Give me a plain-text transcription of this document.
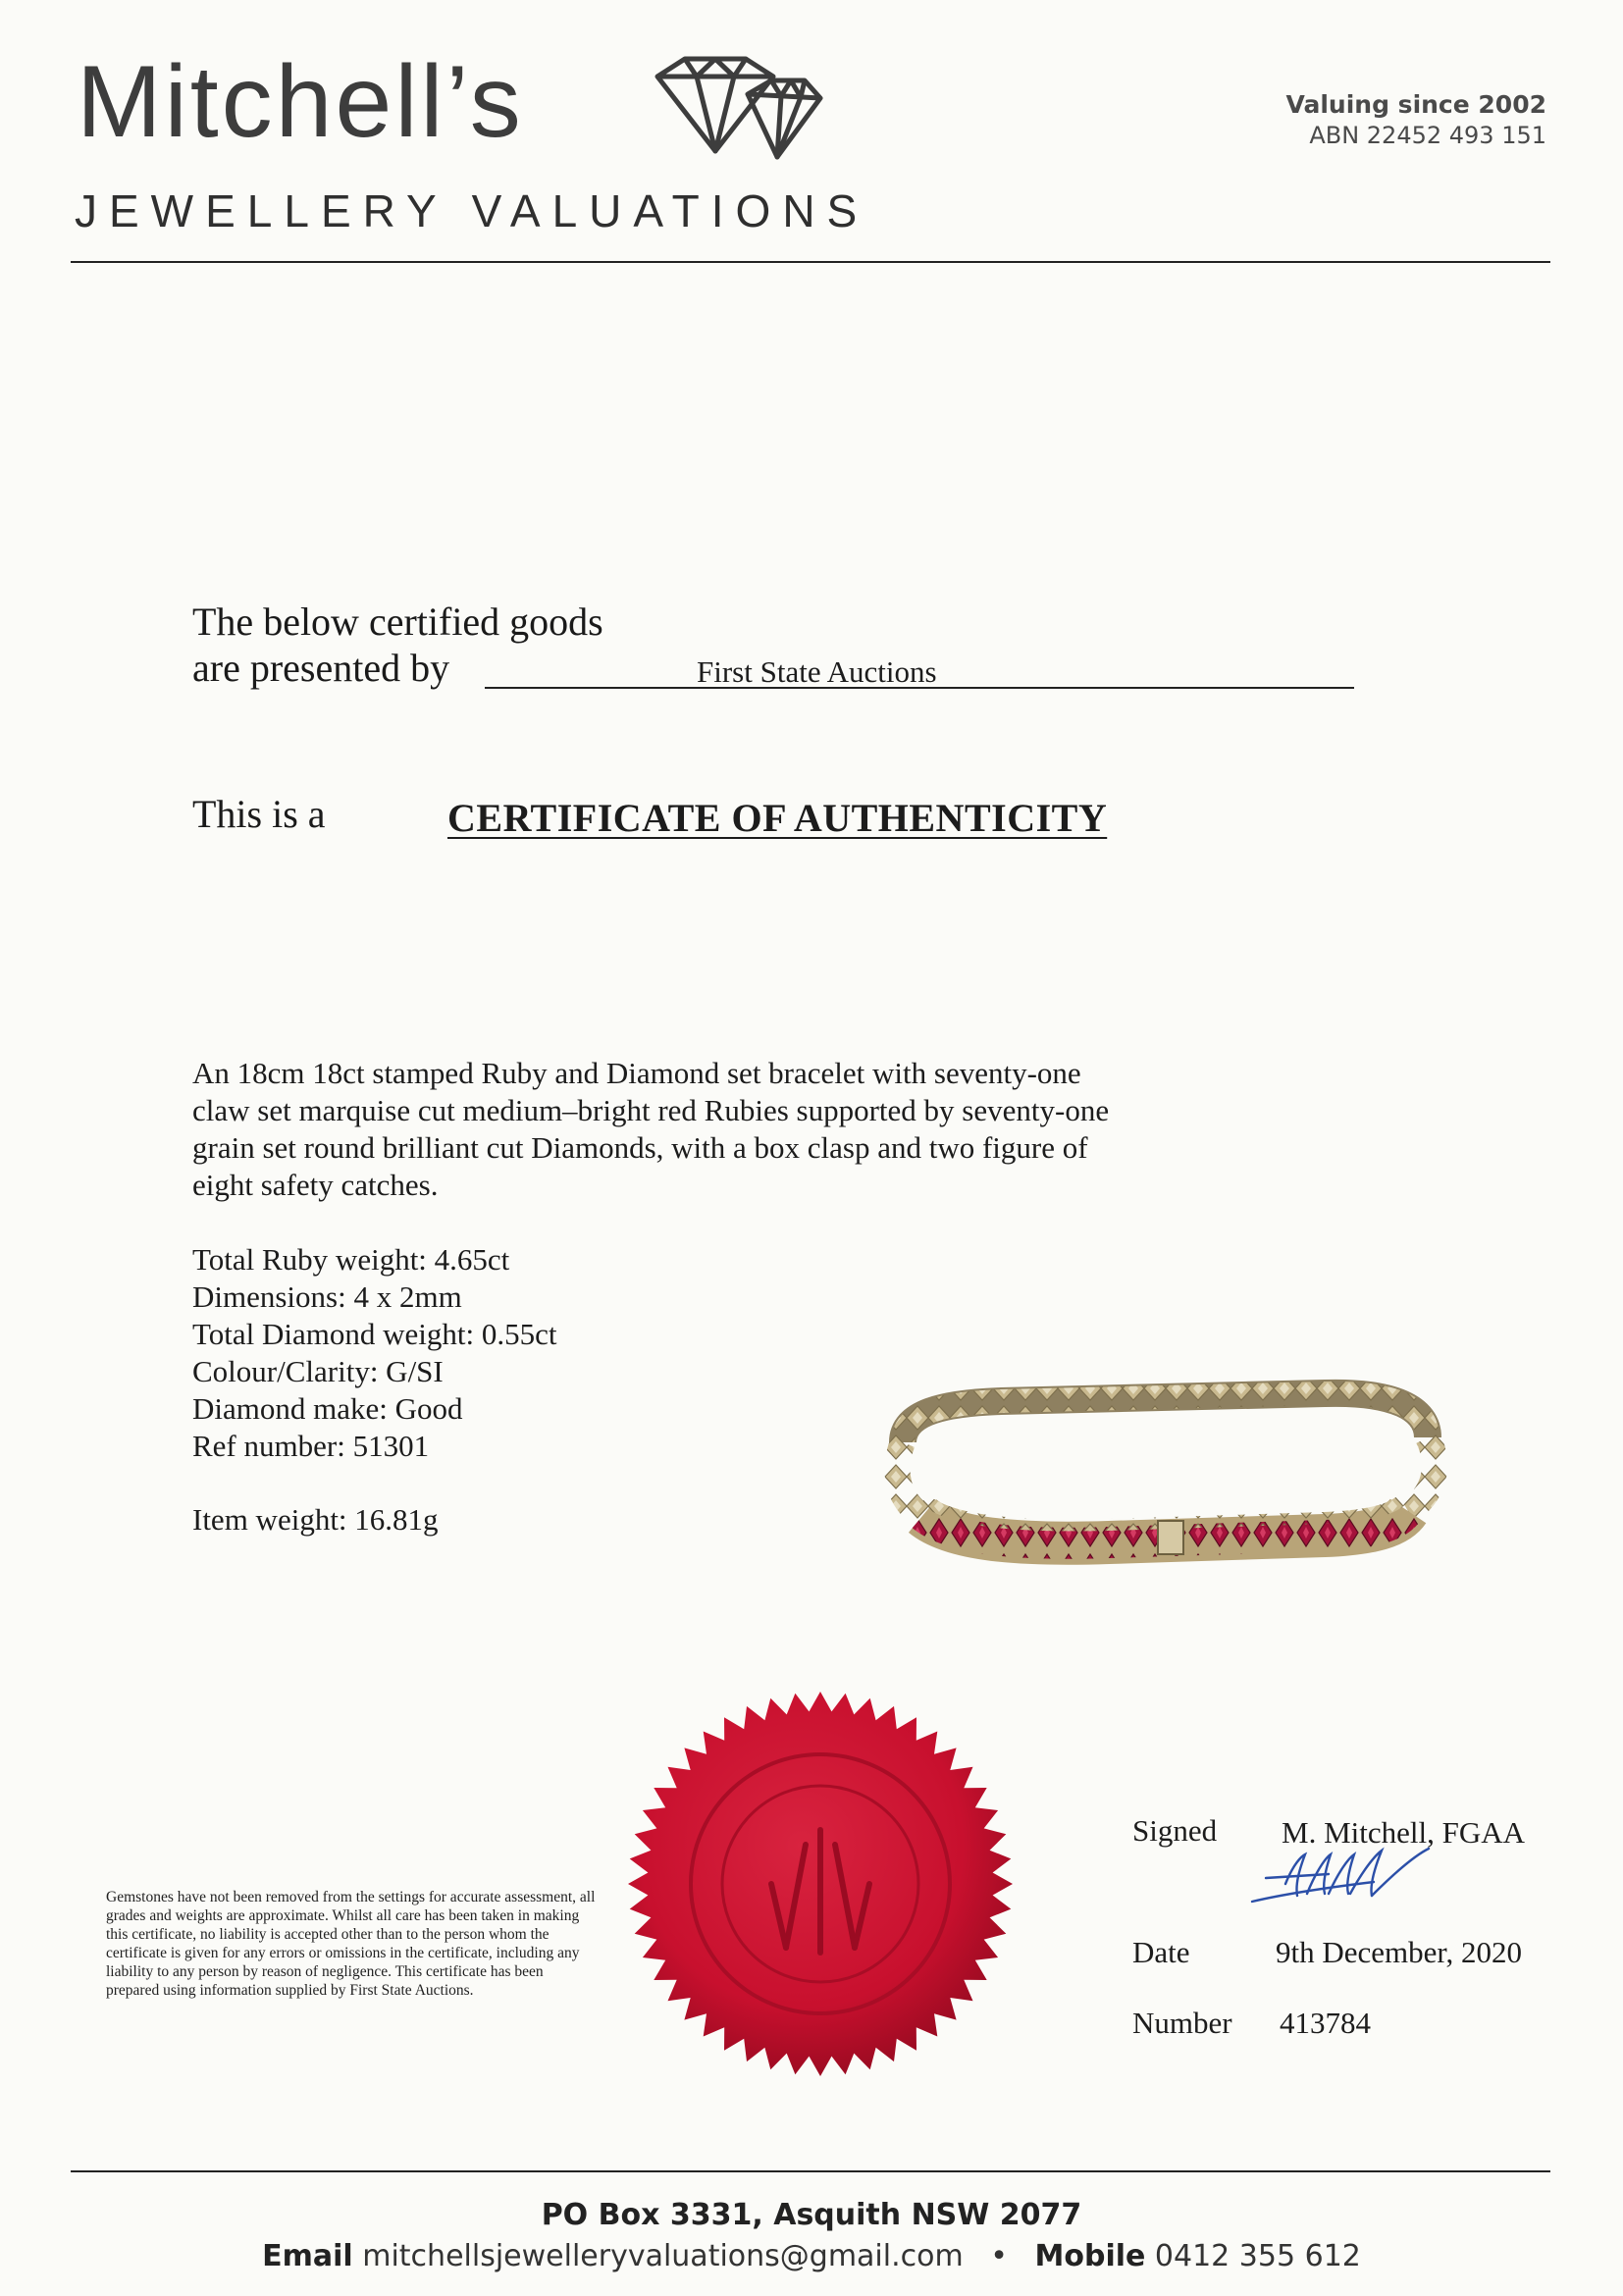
Mitchell’s
JEWELLERY VALUATIONS
Valuing since 2002
ABN 22452 493 151
The below certified goods
are presented by	First State Auctions
This is a	CERTIFICATE OF AUTHENTICITY
An 18cm 18ct stamped Ruby and Diamond set bracelet with seventy-one claw set marquise cut medium–bright red Rubies supported by seventy-one grain set round brilliant cut Diamonds, with a box clasp and two figure of eight safety catches.
Total Ruby weight: 4.65ct
Dimensions: 4 x 2mm
Total Diamond weight: 0.55ct
Colour/Clarity: G/SI
Diamond make: Good
Ref number: 51301
Item weight: 16.81g
Gemstones have not been removed from the settings for accurate assessment, all grades and weights are approximate. Whilst all care has been taken in making this certificate, no liability is accepted other than to the person whom the certificate is given for any errors or omissions in the certificate, including any liability to any person by reason of negligence. This certificate has been prepared using information supplied by First State Auctions.
Signed M. Mitchell, FGAA
Date	9th December, 2020
Number 413784
PO Box 3331, Asquith NSW 2077
Email mitchellsjewelleryvaluations@gmail.com • Mobile 0412 355 612
